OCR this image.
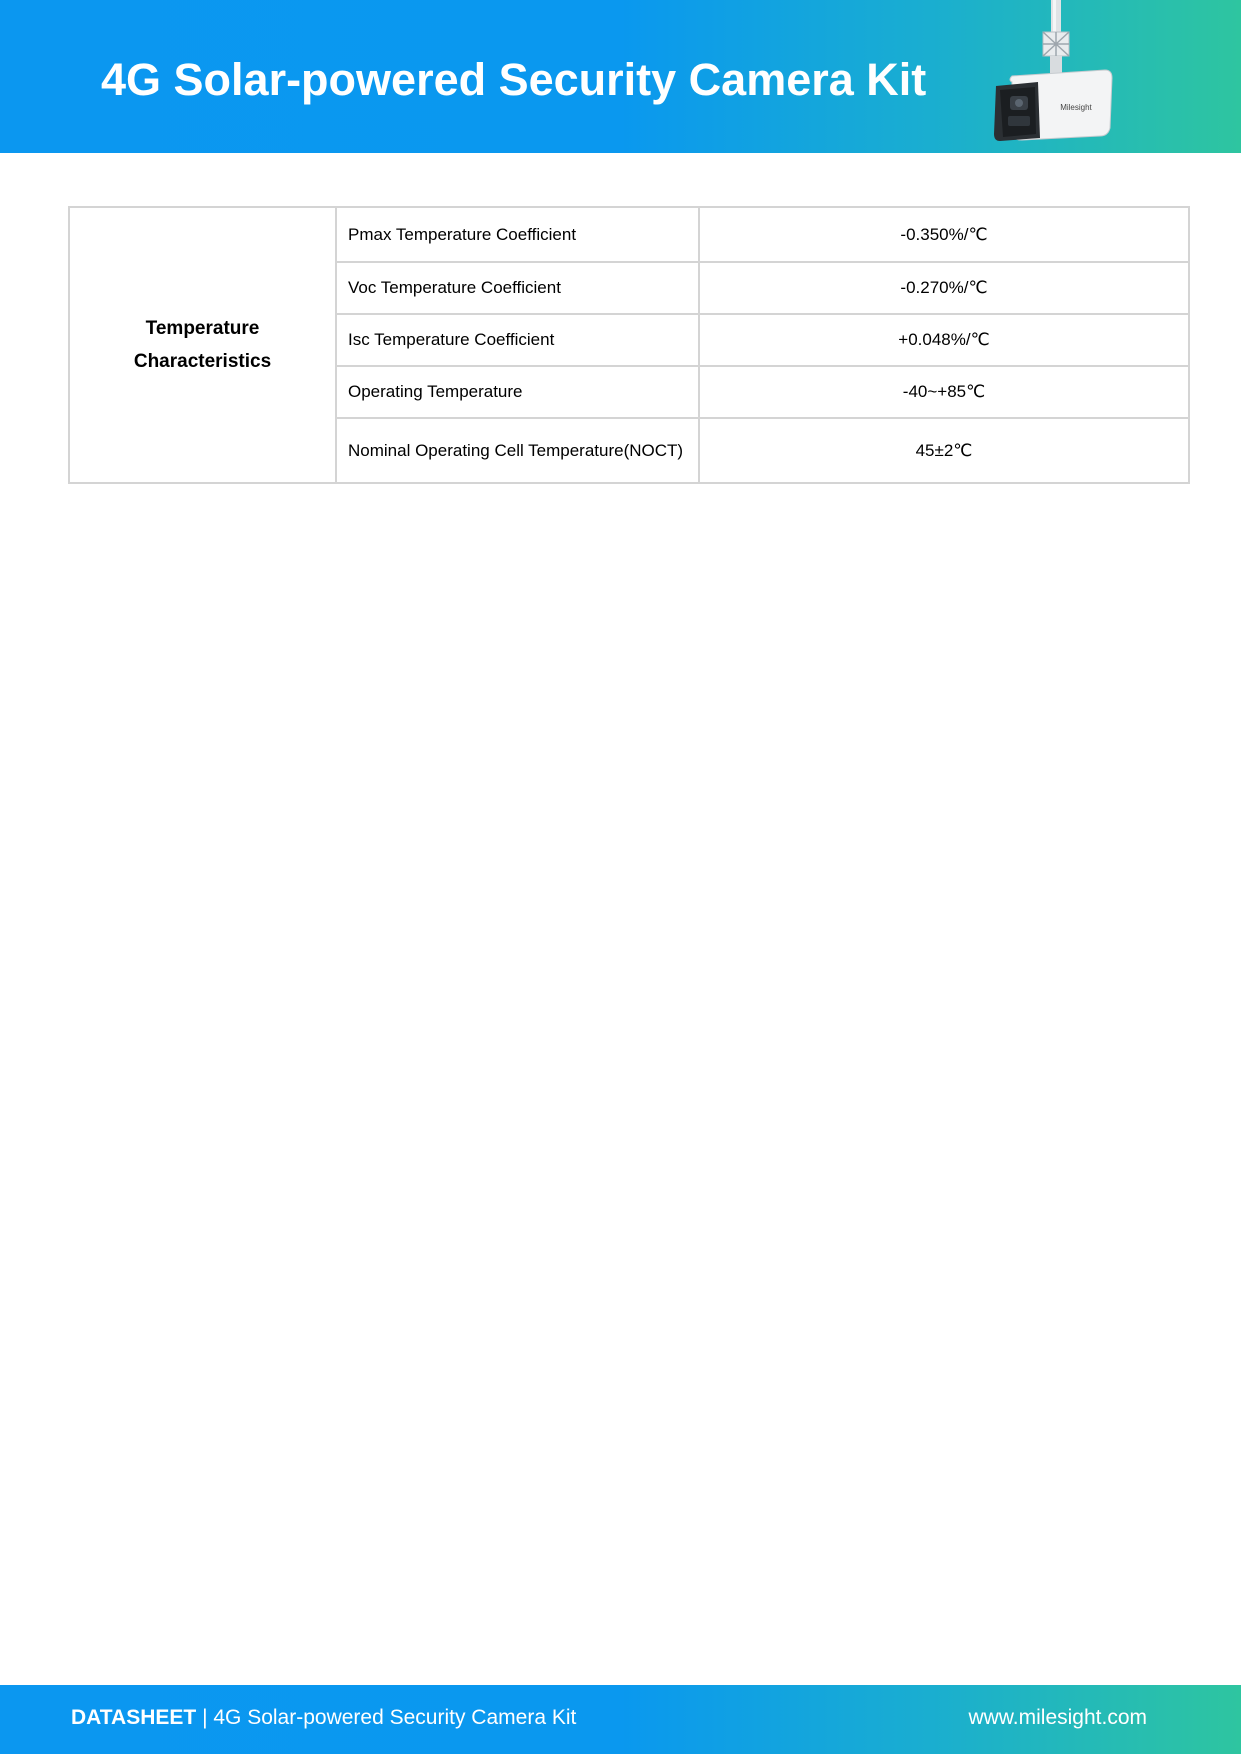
4G Solar-powered Security Camera Kit
Milesight
Temperature Characteristics	Pmax Temperature Coefficient	-0.350%/℃
	Voc Temperature Coefficient	-0.270%/℃
	Isc Temperature Coefficient	+0.048%/℃
	Operating Temperature	-40~+85℃
	Nominal Operating Cell Temperature(NOCT)	45±2℃
DATASHEET | 4G Solar-powered Security Camera Kit	www.milesight.com
